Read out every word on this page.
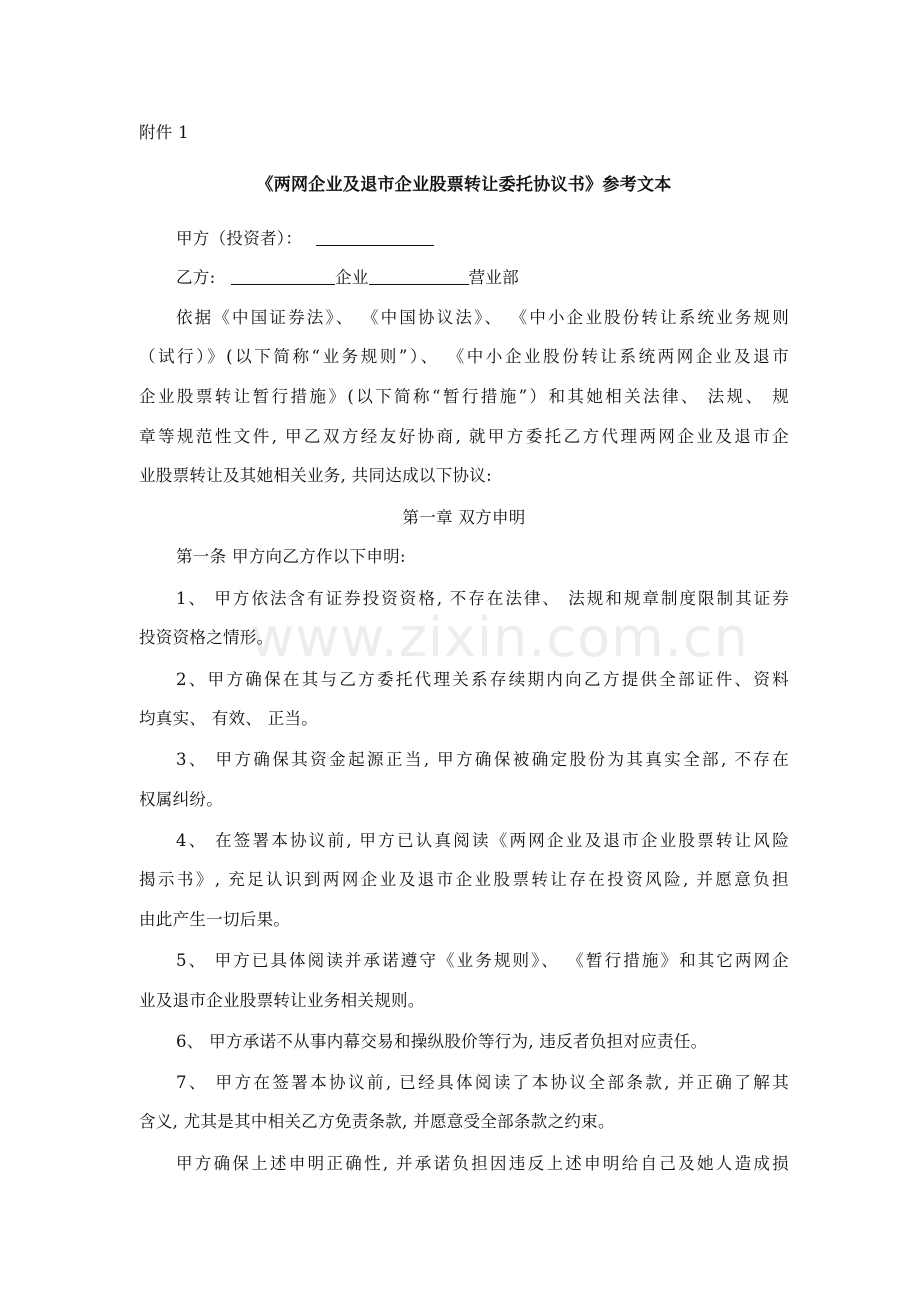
附件 1
《两网企业及退市企业股票转让委托协议书》参考文本
甲方（投资者）：
乙方:	企业	营业部
依据《中国证券法》、 《中国协议法》、 《中小企业股份转让系统业务规则
（试行）》(以下简称“业务规则”）、 《中小企业股份转让系统两网企业及退市
企业股票转让暂行措施》(以下简称“暂行措施”）和其她相关法律、 法规、 规
章等规范性文件, 甲乙双方经友好协商, 就甲方委托乙方代理两网企业及退市企
业股票转让及其她相关业务, 共同达成以下协议:
第一章 双方申明
第一条 甲方向乙方作以下申明:
1、 甲方依法含有证券投资资格, 不存在法律、 法规和规章制度限制其证券
投资资格之情形。
2、甲方确保在其与乙方委托代理关系存续期内向乙方提供全部证件、资料
均真实、 有效、 正当。
3、 甲方确保其资金起源正当, 甲方确保被确定股份为其真实全部, 不存在
权属纠纷。
4、 在签署本协议前, 甲方已认真阅读《两网企业及退市企业股票转让风险
揭示书》, 充足认识到两网企业及退市企业股票转让存在投资风险, 并愿意负担
由此产生一切后果。
5、 甲方已具体阅读并承诺遵守《业务规则》、 《暂行措施》和其它两网企
业及退市企业股票转让业务相关规则。
6、 甲方承诺不从事内幕交易和操纵股价等行为, 违反者负担对应责任。
7、 甲方在签署本协议前, 已经具体阅读了本协议全部条款, 并正确了解其
含义, 尤其是其中相关乙方免责条款, 并愿意受全部条款之约束。
甲方确保上述申明正确性, 并承诺负担因违反上述申明给自己及她人造成损
www.zixin.com.cn
